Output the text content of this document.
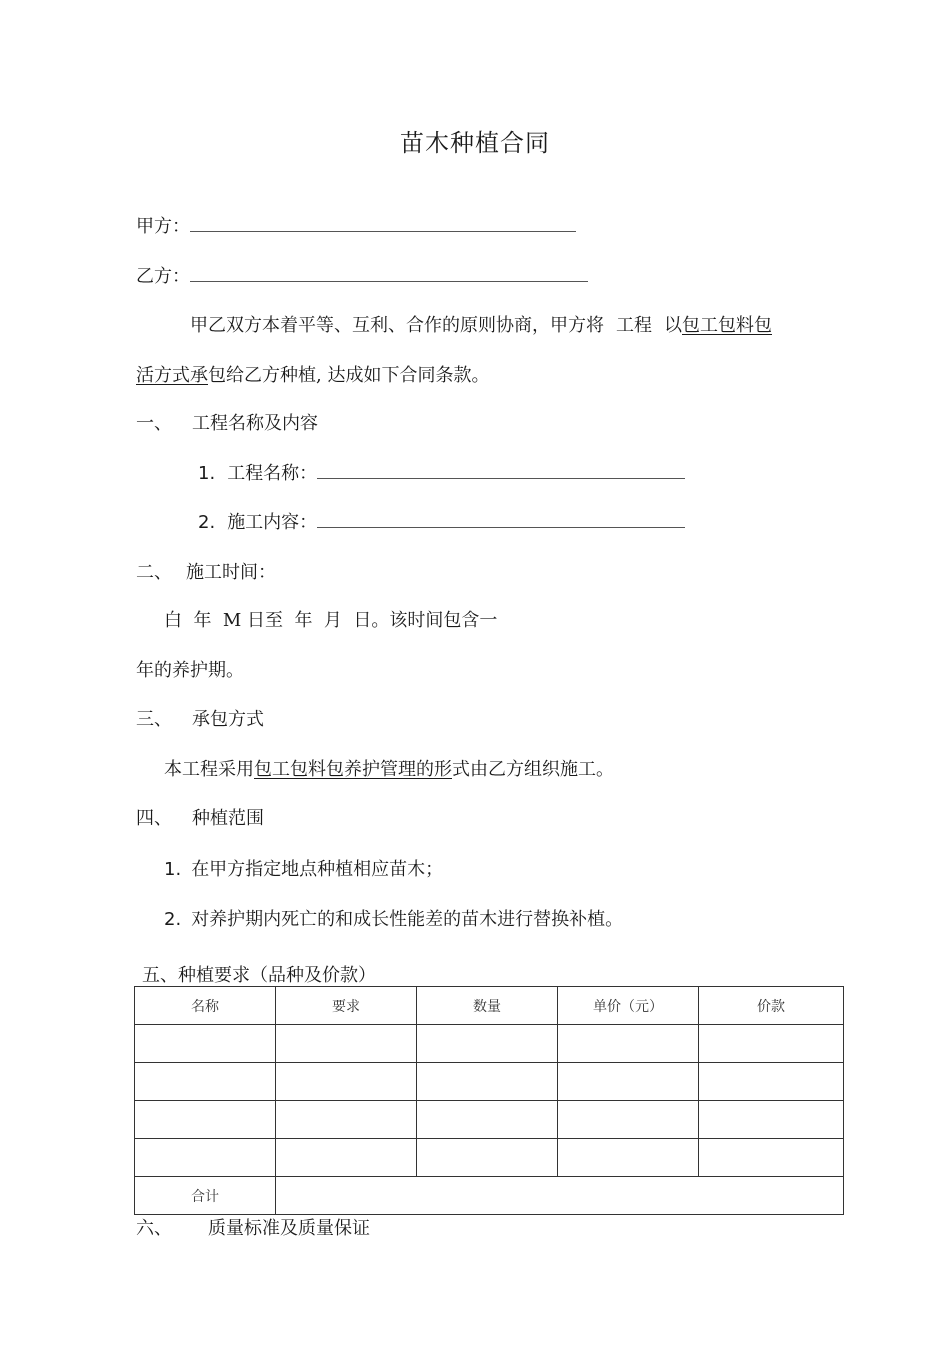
苗木种植合同
甲方：
乙方：
甲乙双方本着平等、互利、合作的原则协商，甲方将 工程 以包工包料包
活方式承包给乙方种植, 达成如下合同条款。
一、 工程名称及内容
1. 工程名称：
2. 施工内容：
二、 施工时间：
白  年  M 日至  年  月  日。该时间包含一
年的养护期。
三、 承包方式
本工程采用包工包料包养护管理的形式由乙方组织施工。
四、 种植范围
1. 在甲方指定地点种植相应苗木；
2. 对养护期内死亡的和成长性能差的苗木进行替换补植。
五、种植要求（品种及价款）
名称	要求	数量	单价（元）	价款

合计				
六、 质量标准及质量保证
